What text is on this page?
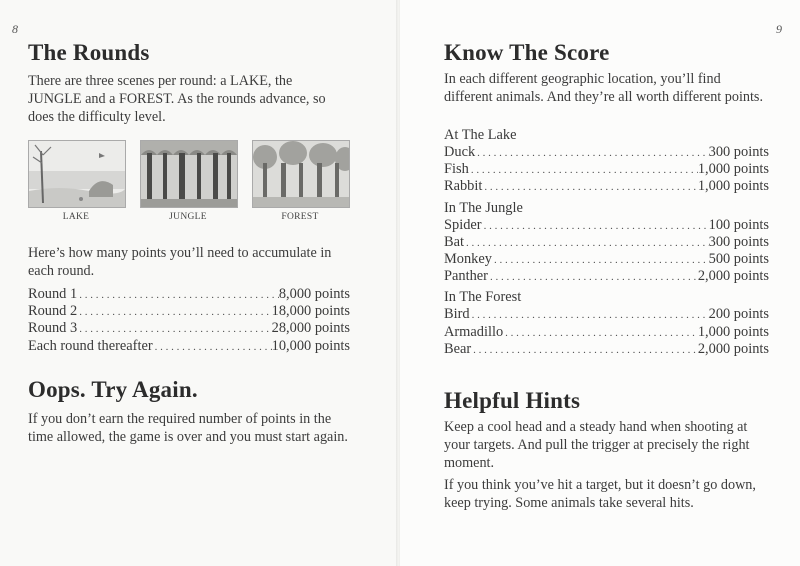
8
The Rounds

There are three scenes per round: a LAKE, the JUNGLE and a FOREST. As the rounds advance, so does the difficulty level.

LAKE	JUNGLE	FOREST

Here’s how many points you’ll need to accumulate in each round.

Round 1 . . .	8,000 points
Round 2 . . .	18,000 points
Round 3 . . .	28,000 points
Each round thereafter . . .	10,000 points
Oops. Try Again.

If you don’t earn the required number of points in the time allowed, the game is over and you must start again.

9
Know The Score

In each different geographic location, you’ll find different animals. And they’re all worth different points.

At The Lake
Duck . . .	300 points
Fish . . .	1,000 points
Rabbit . . .	1,000 points
In The Jungle
Spider . . .	100 points
Bat . . .	300 points
Monkey . . .	500 points
Panther . . .	2,000 points
In The Forest
Bird . . .	200 points
Armadillo . . .	1,000 points
Bear . . .	2,000 points
Helpful Hints

Keep a cool head and a steady hand when shooting at your targets. And pull the trigger at precisely the right moment.

If you think you’ve hit a target, but it doesn’t go down, keep trying. Some animals take several hits.
